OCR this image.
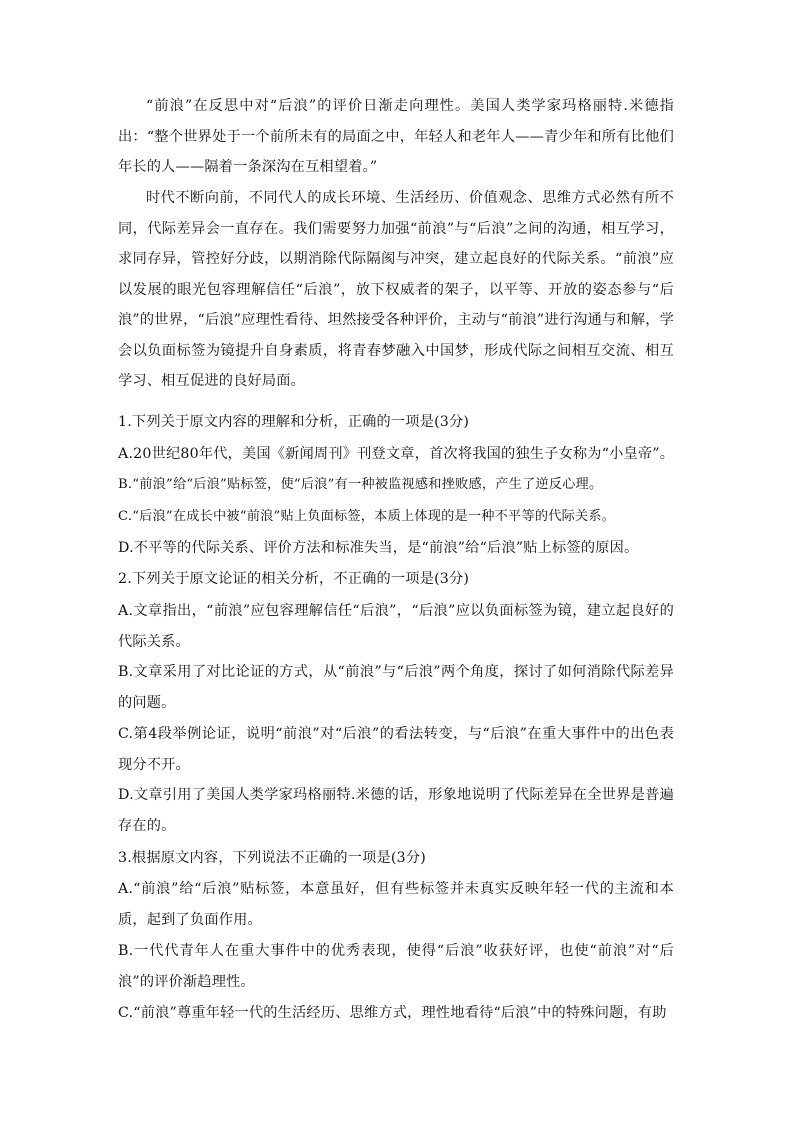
“前浪”在反思中对“后浪”的评价日渐走向理性。美国人类学家玛格丽特.米德指出：“整个世界处于一个前所未有的局面之中，年轻人和老年人——青少年和所有比他们年长的人——隔着一条深沟在互相望着。”

时代不断向前，不同代人的成长环境、生活经历、价值观念、思维方式必然有所不同，代际差异会一直存在。我们需要努力加强“前浪”与“后浪”之间的沟通，相互学习，求同存异，管控好分歧，以期消除代际隔阂与冲突，建立起良好的代际关系。“前浪”应以发展的眼光包容理解信任“后浪”，放下权威者的架子，以平等、开放的姿态参与“后浪”的世界，“后浪”应理性看待、坦然接受各种评价，主动与“前浪”进行沟通与和解，学会以负面标签为镜提升自身素质，将青春梦融入中国梦，形成代际之间相互交流、相互学习、相互促进的良好局面。

1.下列关于原文内容的理解和分析，正确的一项是(3分)

A.20世纪80年代，美国《新闻周刊》刊登文章，首次将我国的独生子女称为“小皇帝”。

B.“前浪”给“后浪”贴标签，使“后浪”有一种被监视感和挫败感，产生了逆反心理。

C.“后浪”在成长中被“前浪”贴上负面标签，本质上体现的是一种不平等的代际关系。

D.不平等的代际关系、评价方法和标准失当，是“前浪”给“后浪”贴上标签的原因。

2.下列关于原文论证的相关分析，不正确的一项是(3分)

A.文章指出，“前浪”应包容理解信任“后浪”，“后浪”应以负面标签为镜，建立起良好的代际关系。

B.文章采用了对比论证的方式，从“前浪”与“后浪”两个角度，探讨了如何消除代际差异的问题。

C.第4段举例论证，说明“前浪”对“后浪”的看法转变，与“后浪”在重大事件中的出色表现分不开。

D.文章引用了美国人类学家玛格丽特.米德的话，形象地说明了代际差异在全世界是普遍存在的。

3.根据原文内容，下列说法不正确的一项是(3分)

A.“前浪”给“后浪”贴标签，本意虽好，但有些标签并未真实反映年轻一代的主流和本质，起到了负面作用。

B.一代代青年人在重大事件中的优秀表现，使得“后浪”收获好评，也使“前浪”对“后浪”的评价渐趋理性。

C.“前浪”尊重年轻一代的生活经历、思维方式，理性地看待“后浪”中的特殊问题，有助
